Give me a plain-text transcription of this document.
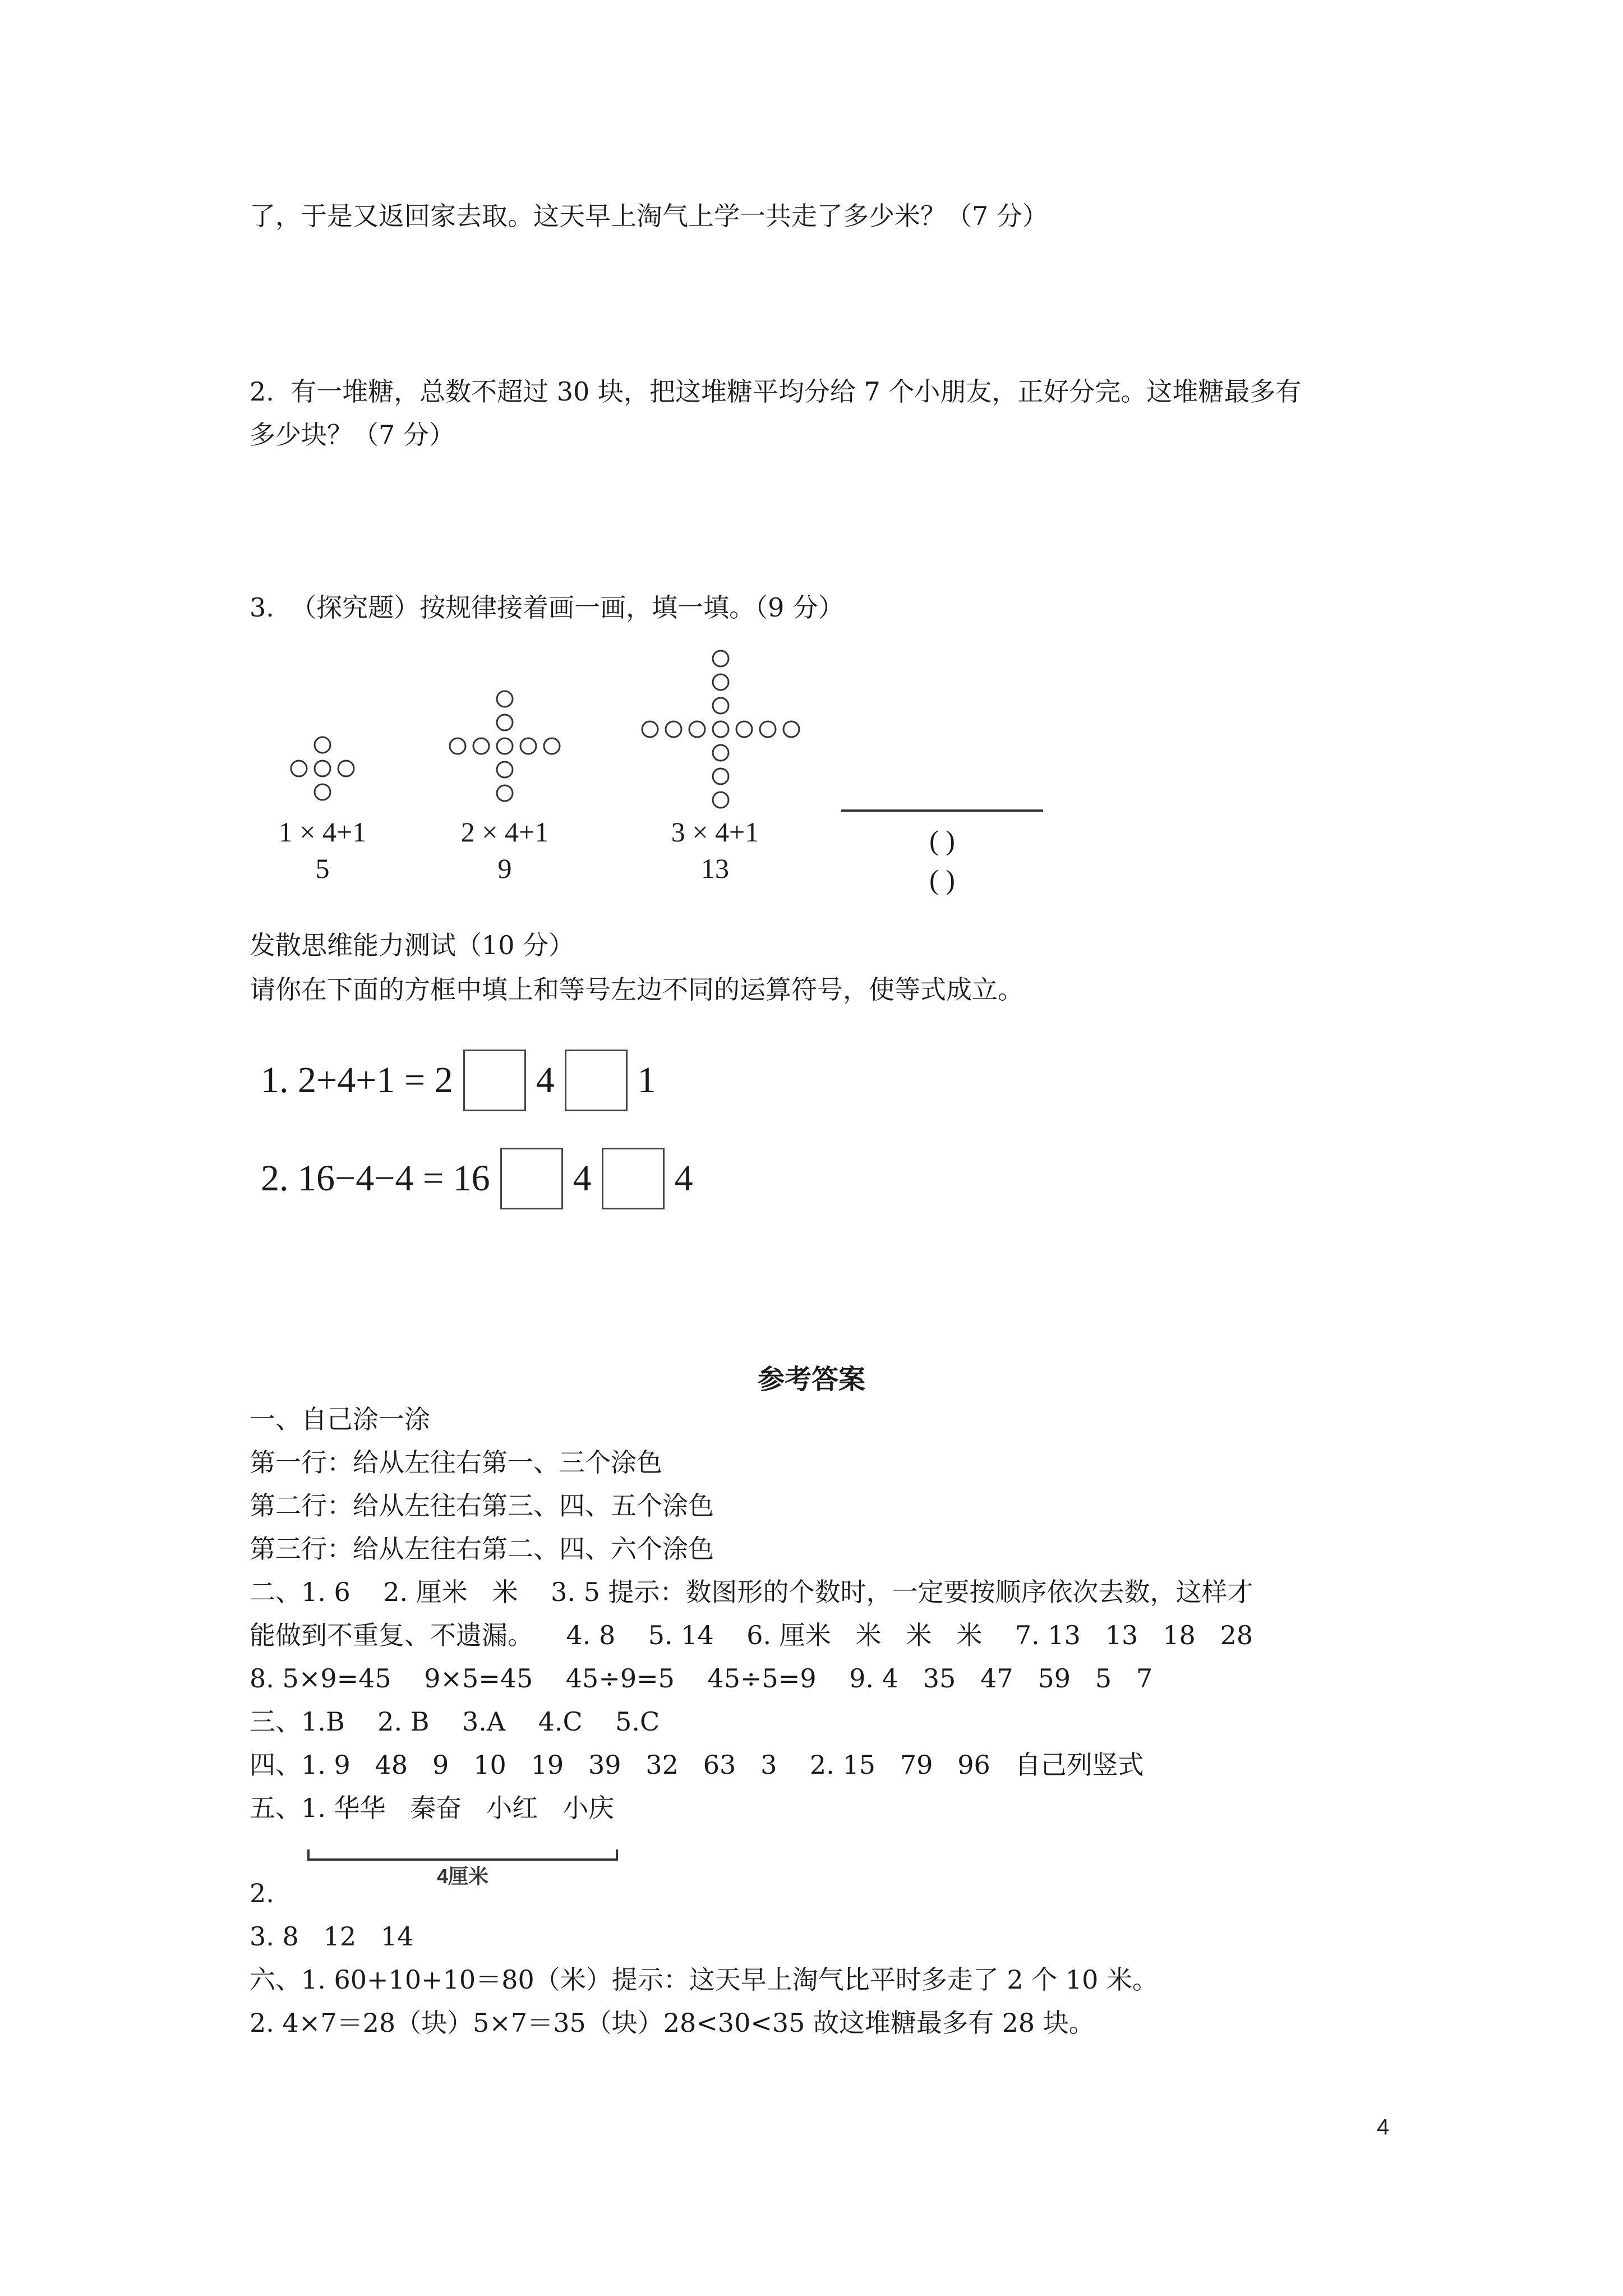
了，于是又返回家去取。这天早上淘气上学一共走了多少米？（7 分）
2.  有一堆糖，总数不超过 30 块，把这堆糖平均分给 7 个小朋友，正好分完。这堆糖最多有
多少块？（7 分）
3.  （探究题）按规律接着画一画，填一填。（9 分）
1 × 4+1	2 × 4+1	3 × 4+1
5	9	13
( )
( )
发散思维能力测试（10 分）
请你在下面的方框中填上和等号左边不同的运算符号，使等式成立。
1. 2+4+1 = 2 4 1
2. 16−4−4 = 16 4 4
参考答案
一、自己涂一涂
第一行：给从左往右第一、三个涂色
第二行：给从左往右第三、四、五个涂色
第三行：给从左往右第二、四、六个涂色
二、1. 6    2. 厘米   米    3. 5 提示：数图形的个数时，一定要按顺序依次去数，这样才
能做到不重复、不遗漏。    4. 8    5. 14    6. 厘米   米   米   米    7. 13   13   18   28
8. 5×9=45    9×5=45    45÷9=5    45÷5=9    9. 4   35   47   59   5   7
三、1.B    2. B    3.A    4.C    5.C
四、1. 9   48   9   10   19   39   32   63   3    2. 15   79   96   自己列竖式
五、1. 华华   秦奋   小红   小庆
4厘米
2.
3. 8   12   14
六、1. 60+10+10＝80（米）提示：这天早上淘气比平时多走了 2 个 10 米。
2. 4×7＝28（块）5×7＝35（块）28<30<35 故这堆糖最多有 28 块。
4
